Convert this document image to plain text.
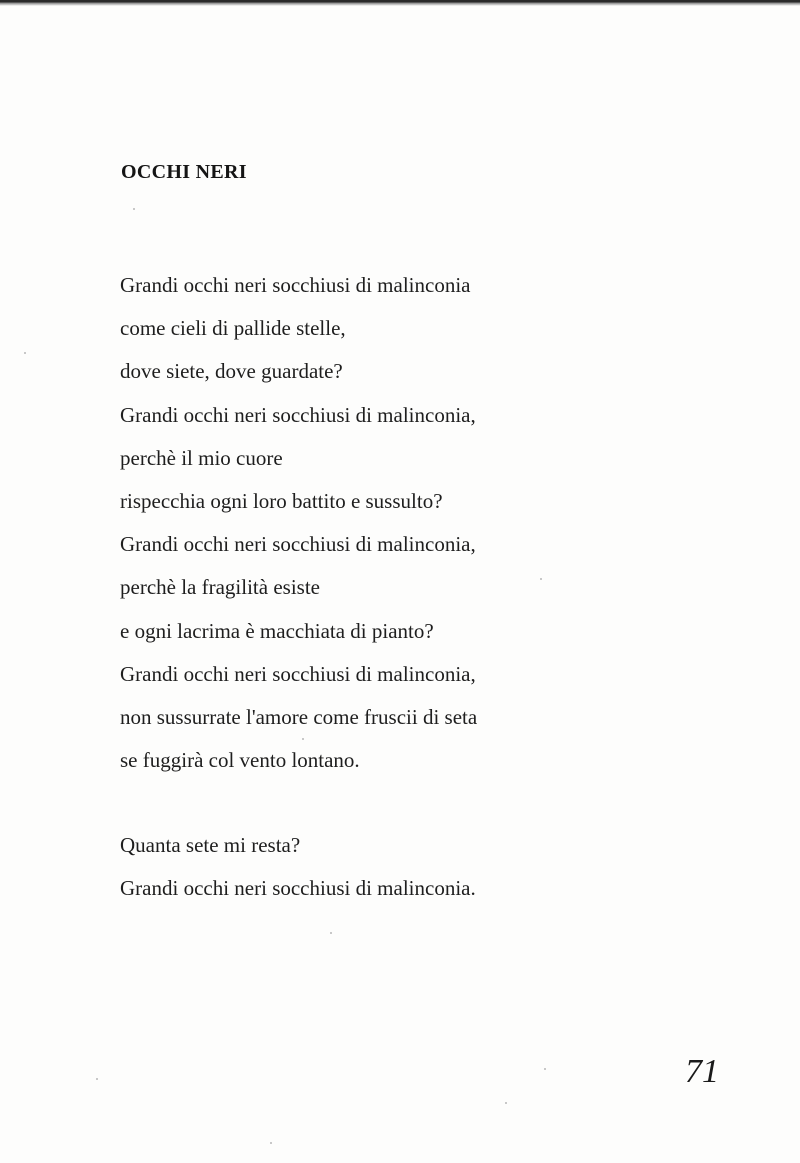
OCCHI NERI
Grandi occhi neri socchiusi di malinconia
come cieli di pallide stelle,
dove siete, dove guardate?
Grandi occhi neri socchiusi di malinconia,
perchè il mio cuore
rispecchia ogni loro battito e sussulto?
Grandi occhi neri socchiusi di malinconia,
perchè la fragilità esiste
e ogni lacrima è macchiata di pianto?
Grandi occhi neri socchiusi di malinconia,
non sussurrate l'amore come fruscii di seta
se fuggirà col vento lontano.
Quanta sete mi resta?
Grandi occhi neri socchiusi di malinconia.
71
